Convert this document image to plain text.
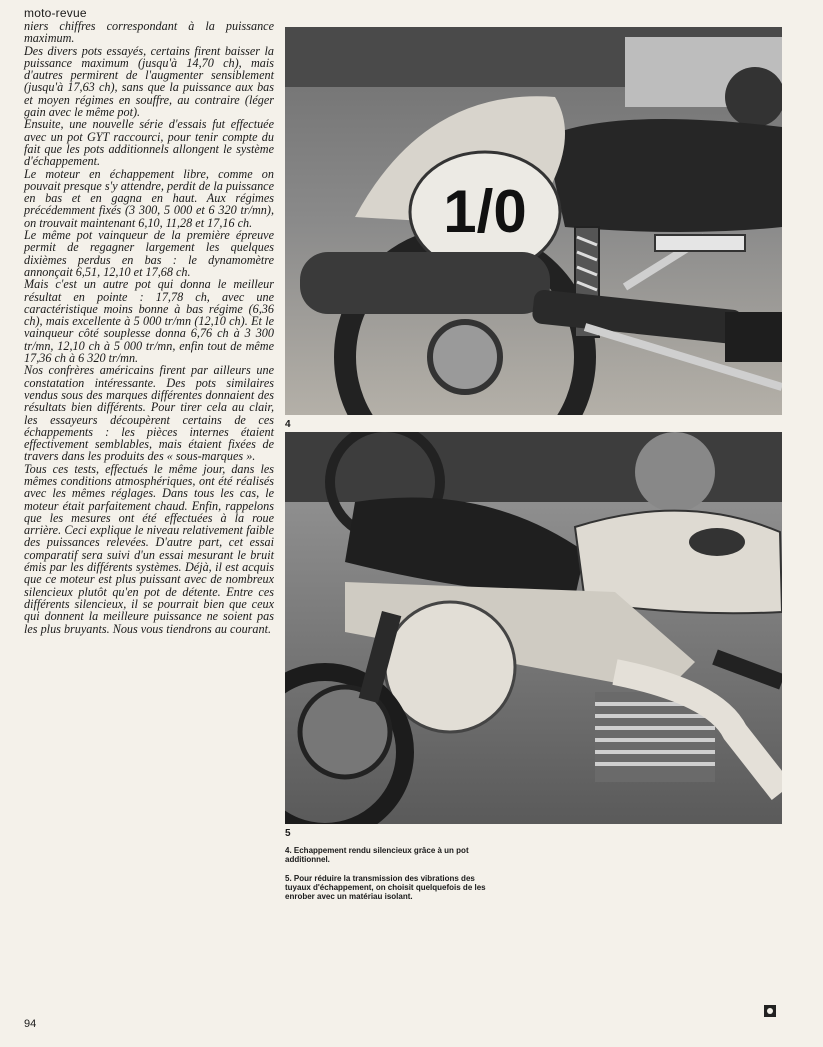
moto-revue

niers chiffres correspondant à la puissance maximum.

Des divers pots essayés, certains firent baisser la puissance maximum (jusqu'à 14,70 ch), mais d'autres permirent de l'augmenter sensiblement (jusqu'à 17,63 ch), sans que la puissance aux bas et moyen régimes en souffre, au contraire (léger gain avec le même pot).

Ensuite, une nouvelle série d'essais fut effectuée avec un pot GYT raccourci, pour tenir compte du fait que les pots additionnels allongent le système d'échappement.

Le moteur en échappement libre, comme on pouvait presque s'y attendre, perdit de la puissance en bas et en gagna en haut. Aux régimes précédemment fixés (3 300, 5 000 et 6 320 tr/mn), on trouvait maintenant 6,10, 11,28 et 17,16 ch.

Le même pot vainqueur de la première épreuve permit de regagner largement les quelques dixièmes perdus en bas : le dynamomètre annonçait 6,51, 12,10 et 17,68 ch.

Mais c'est un autre pot qui donna le meilleur résultat en pointe : 17,78 ch, avec une caractéristique moins bonne à bas régime (6,36 ch), mais excellente à 5 000 tr/mn (12,10 ch). Et le vainqueur côté souplesse donna 6,76 ch à 3 300 tr/mn, 12,10 ch à 5 000 tr/mn, enfin tout de même 17,36 ch à 6 320 tr/mn.

Nos confrères américains firent par ailleurs une constatation intéressante. Des pots similaires vendus sous des marques différentes donnaient des résultats bien différents. Pour tirer cela au clair, les essayeurs découpèrent certains de ces échappements : les pièces internes étaient effectivement semblables, mais étaient fixées de travers dans les produits des « sous-marques ».

Tous ces tests, effectués le même jour, dans les mêmes conditions atmosphériques, ont été réalisés avec les mêmes réglages. Dans tous les cas, le moteur était parfaitement chaud. Enfin, rappelons que les mesures ont été effectuées à la roue arrière. Ceci explique le niveau relativement faible des puissances relevées. D'autre part, cet essai comparatif sera suivi d'un essai mesurant le bruit émis par les différents systèmes. Déjà, il est acquis que ce moteur est plus puissant avec de nombreux silencieux plutôt qu'en pot de détente. Entre ces différents silencieux, il se pourrait bien que ceux qui donnent la meilleure puissance ne soient pas les plus bruyants. Nous vous tiendrons au courant.

1/0
4
5

4. Echappement rendu silencieux grâce à un pot additionnel.

5. Pour réduire la transmission des vibrations des tuyaux d'échappement, on choisit quelquefois de les enrober avec un matériau isolant.

94
